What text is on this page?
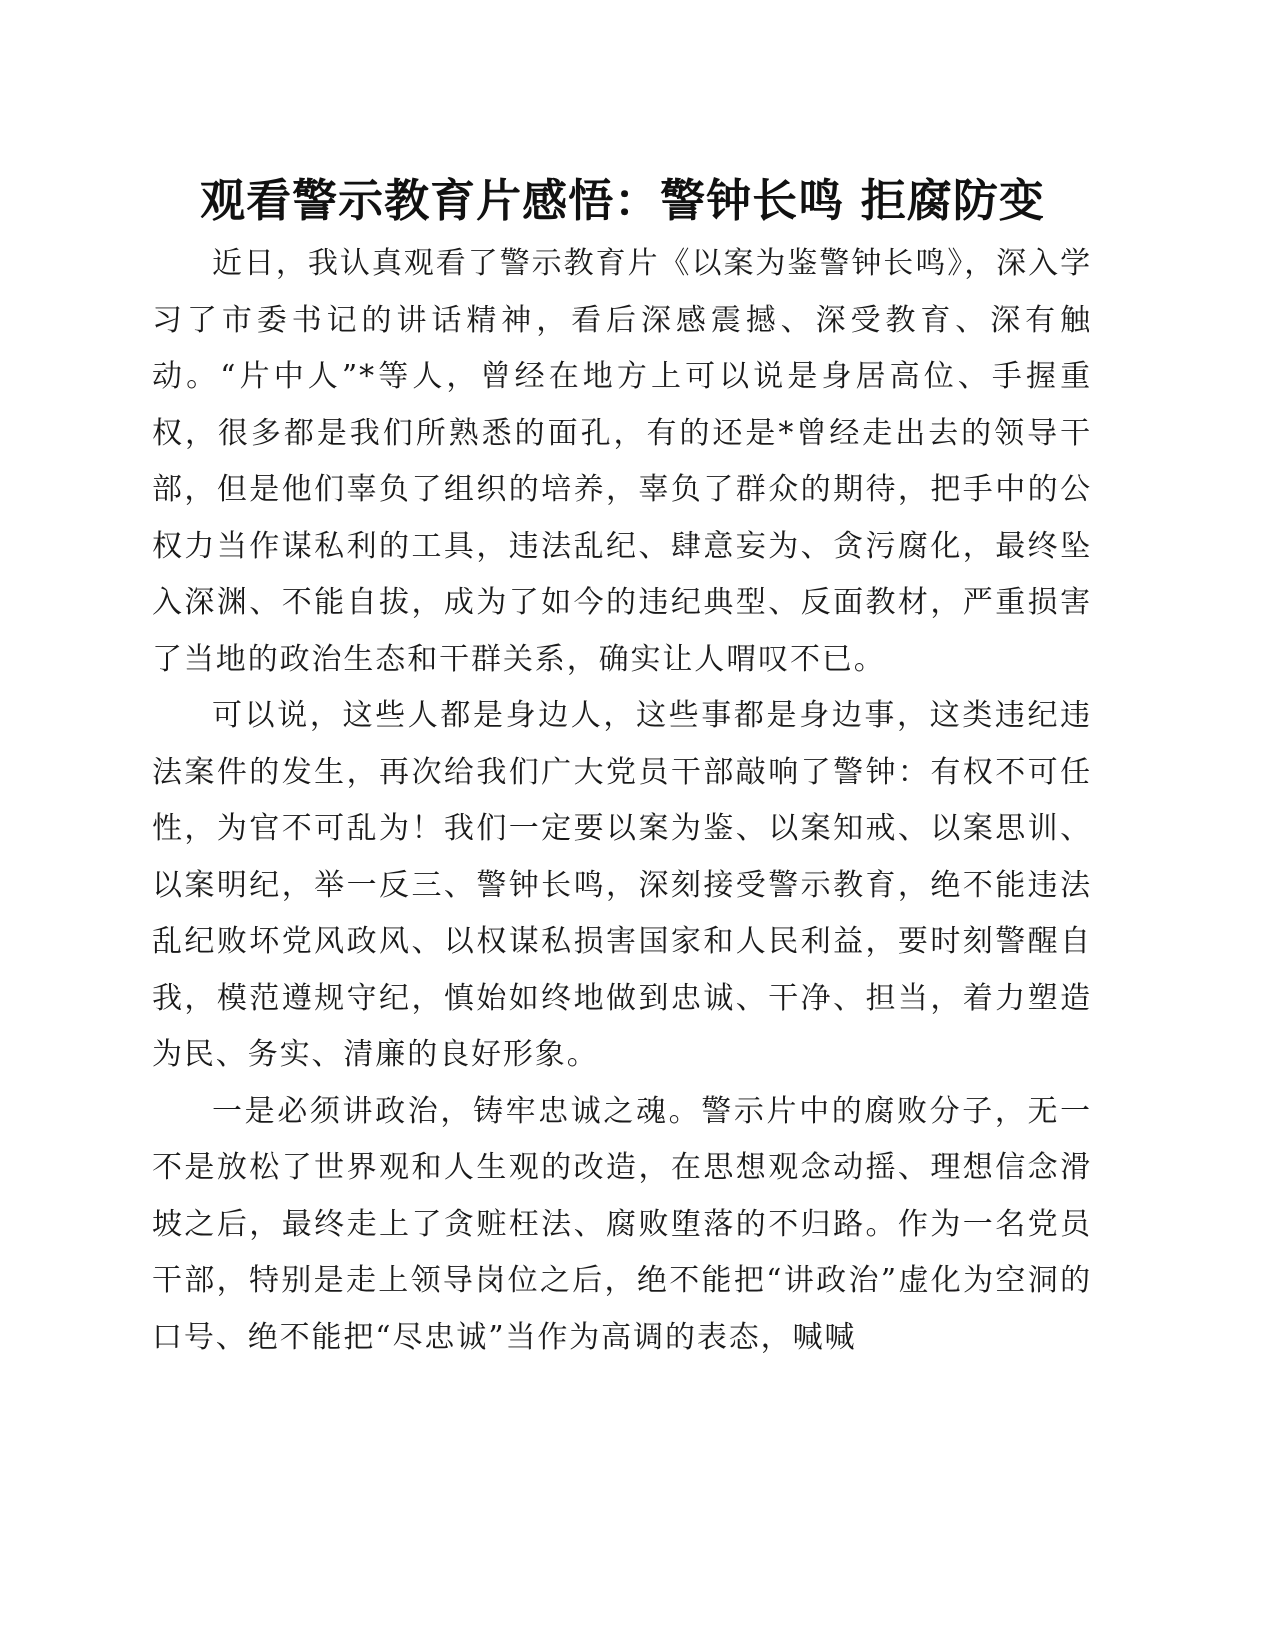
观看警示教育片感悟：警钟长鸣 拒腐防变

近日，我认真观看了警示教育片《以案为鉴警钟长鸣》，深入学习了市委书记的讲话精神，看后深感震撼、深受教育、深有触动。“片中人”*等人，曾经在地方上可以说是身居高位、手握重权，很多都是我们所熟悉的面孔，有的还是*曾经走出去的领导干部，但是他们辜负了组织的培养，辜负了群众的期待，把手中的公权力当作谋私利的工具，违法乱纪、肆意妄为、贪污腐化，最终坠入深渊、不能自拔，成为了如今的违纪典型、反面教材，严重损害了当地的政治生态和干群关系，确实让人喟叹不已。

可以说，这些人都是身边人，这些事都是身边事，这类违纪违法案件的发生，再次给我们广大党员干部敲响了警钟：有权不可任性，为官不可乱为！我们一定要以案为鉴、以案知戒、以案思训、以案明纪，举一反三、警钟长鸣，深刻接受警示教育，绝不能违法乱纪败坏党风政风、以权谋私损害国家和人民利益，要时刻警醒自我，模范遵规守纪，慎始如终地做到忠诚、干净、担当，着力塑造为民、务实、清廉的良好形象。

一是必须讲政治，铸牢忠诚之魂。警示片中的腐败分子，无一不是放松了世界观和人生观的改造，在思想观念动摇、理想信念滑坡之后，最终走上了贪赃枉法、腐败堕落的不归路。作为一名党员干部，特别是走上领导岗位之后，绝不能把“讲政治”虚化为空洞的口号、绝不能把“尽忠诚”当作为高调的表态，喊喊
